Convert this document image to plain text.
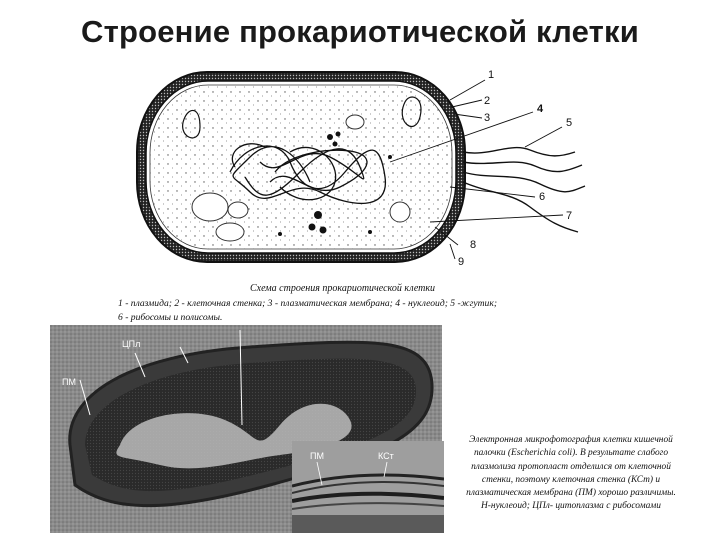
Строение прокариотической клетки
1
2
3
4
5
6
7
8
9
Схема строения прокариотической клетки
1 - плазмида; 2 - клеточная стенка; 3 - плазматическая мембрана; 4 - нуклеоид; 5 -жгутик;
6 - рибосомы и полисомы.
ЦПл
ПМ
ПМ	КСт
Электронная микрофотография клетки кишечной
палочки (Escherichia coli). В результате слабого
плазмолиза протопласт отделился от клеточной
стенки, поэтому клеточная стенка (КСт) и
плазматическая мембрана (ПМ) хорошо различимы.
Н-нуклеоид; ЦПл- цитоплазма с рибосомами
